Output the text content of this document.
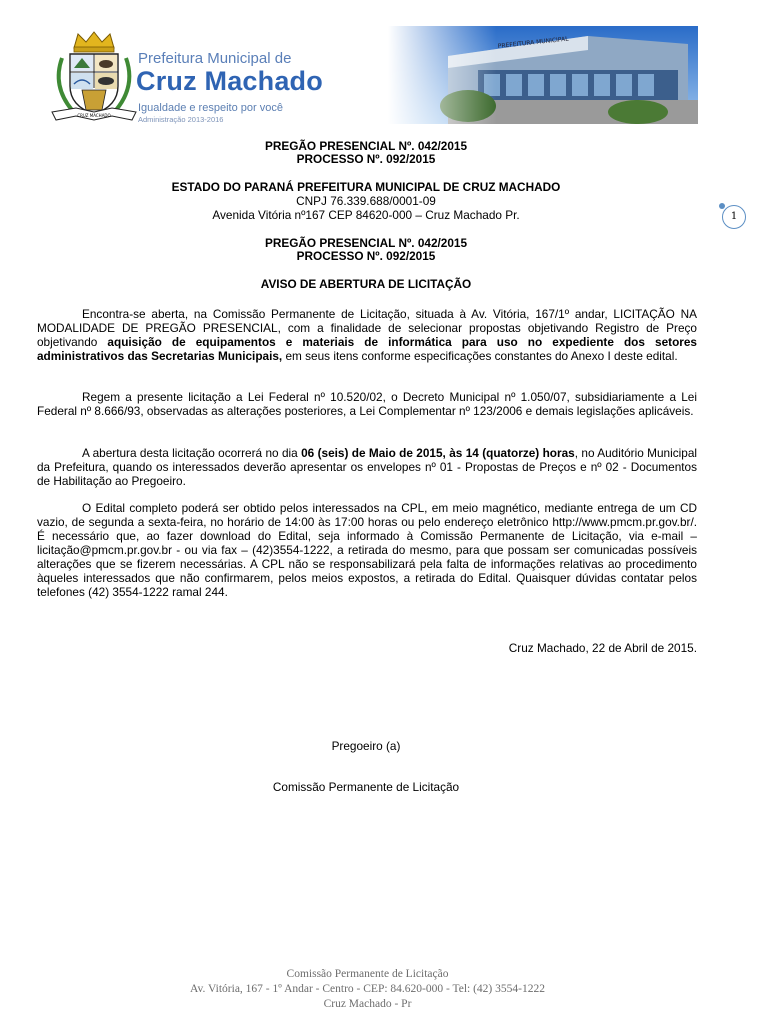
CRUZ MACHADO
Prefeitura Municipal de
Cruz Machado
Igualdade e respeito por você
Administração 2013-2016
PREGÃO PRESENCIAL Nº. 042/2015
PROCESSO Nº. 092/2015
ESTADO DO PARANÁ PREFEITURA MUNICIPAL DE CRUZ MACHADO
CNPJ 76.339.688/0001-09
Avenida Vitória nº167 CEP 84620-000 – Cruz Machado Pr.	1
PREGÃO PRESENCIAL Nº. 042/2015
PROCESSO Nº. 092/2015
AVISO DE ABERTURA DE LICITAÇÃO

Encontra-se aberta, na Comissão Permanente de Licitação, situada à Av. Vitória, 167/1º andar, LICITAÇÃO NA MODALIDADE DE PREGÃO PRESENCIAL, com a finalidade de selecionar propostas objetivando Registro de Preço objetivando aquisição de equipamentos e materiais de informática para uso no expediente dos setores administrativos das Secretarias Municipais, em seus itens conforme especificações constantes do Anexo I deste edital.

Regem a presente licitação a Lei Federal nº 10.520/02, o Decreto Municipal nº 1.050/07, subsidiariamente a Lei Federal nº 8.666/93, observadas as alterações posteriores, a Lei Complementar nº 123/2006 e demais legislações aplicáveis.

A abertura desta licitação ocorrerá no dia 06 (seis) de Maio de 2015, às 14 (quatorze) horas, no Auditório Municipal da Prefeitura, quando os interessados deverão apresentar os envelopes nº 01 - Propostas de Preços e nº 02 - Documentos de Habilitação ao Pregoeiro.

O Edital completo poderá ser obtido pelos interessados na CPL, em meio magnético, mediante entrega de um CD vazio, de segunda a sexta-feira, no horário de 14:00 às 17:00 horas ou pelo endereço eletrônico http://www.pmcm.pr.gov.br/. É necessário que, ao fazer download do Edital, seja informado à Comissão Permanente de Licitação, via e-mail – licitação@pmcm.pr.gov.br - ou via fax – (42)3554-1222, a retirada do mesmo, para que possam ser comunicadas possíveis alterações que se fizerem necessárias. A CPL não se responsabilizará pela falta de informações relativas ao procedimento àqueles interessados que não confirmarem, pelos meios expostos, a retirada do Edital. Quaisquer dúvidas contatar pelos telefones (42) 3554-1222 ramal 244.

Cruz Machado, 22 de Abril de 2015.
Pregoeiro (a)
Comissão Permanente de Licitação
Comissão Permanente de Licitação
Av. Vitória, 167 - 1º Andar - Centro - CEP: 84.620-000 - Tel: (42) 3554-1222
Cruz Machado - Pr
